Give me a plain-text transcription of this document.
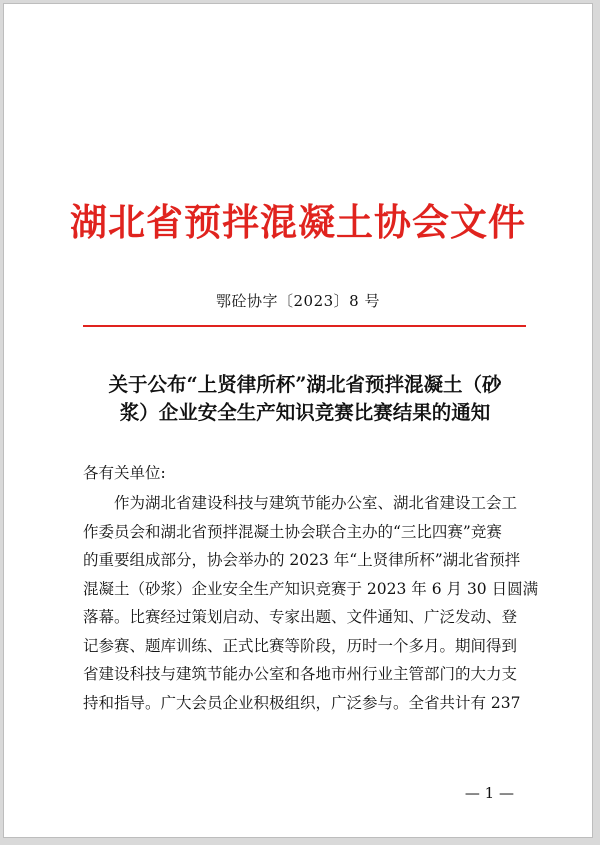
湖北省预拌混凝土协会文件
鄂砼协字〔2023〕8 号
关于公布“上贤律所杯”湖北省预拌混凝土（砂
浆）企业安全生产知识竞赛比赛结果的通知
各有关单位:
作为湖北省建设科技与建筑节能办公室、湖北省建设工会工
作委员会和湖北省预拌混凝土协会联合主办的“三比四赛”竞赛
的重要组成部分，协会举办的 2023 年“上贤律所杯”湖北省预拌
混凝土（砂浆）企业安全生产知识竞赛于 2023 年 6 月 30 日圆满
落幕。比赛经过策划启动、专家出题、文件通知、广泛发动、登
记参赛、题库训练、正式比赛等阶段，历时一个多月。期间得到
省建设科技与建筑节能办公室和各地市州行业主管部门的大力支
持和指导。广大会员企业积极组织，广泛参与。全省共计有 237
— 1 —
